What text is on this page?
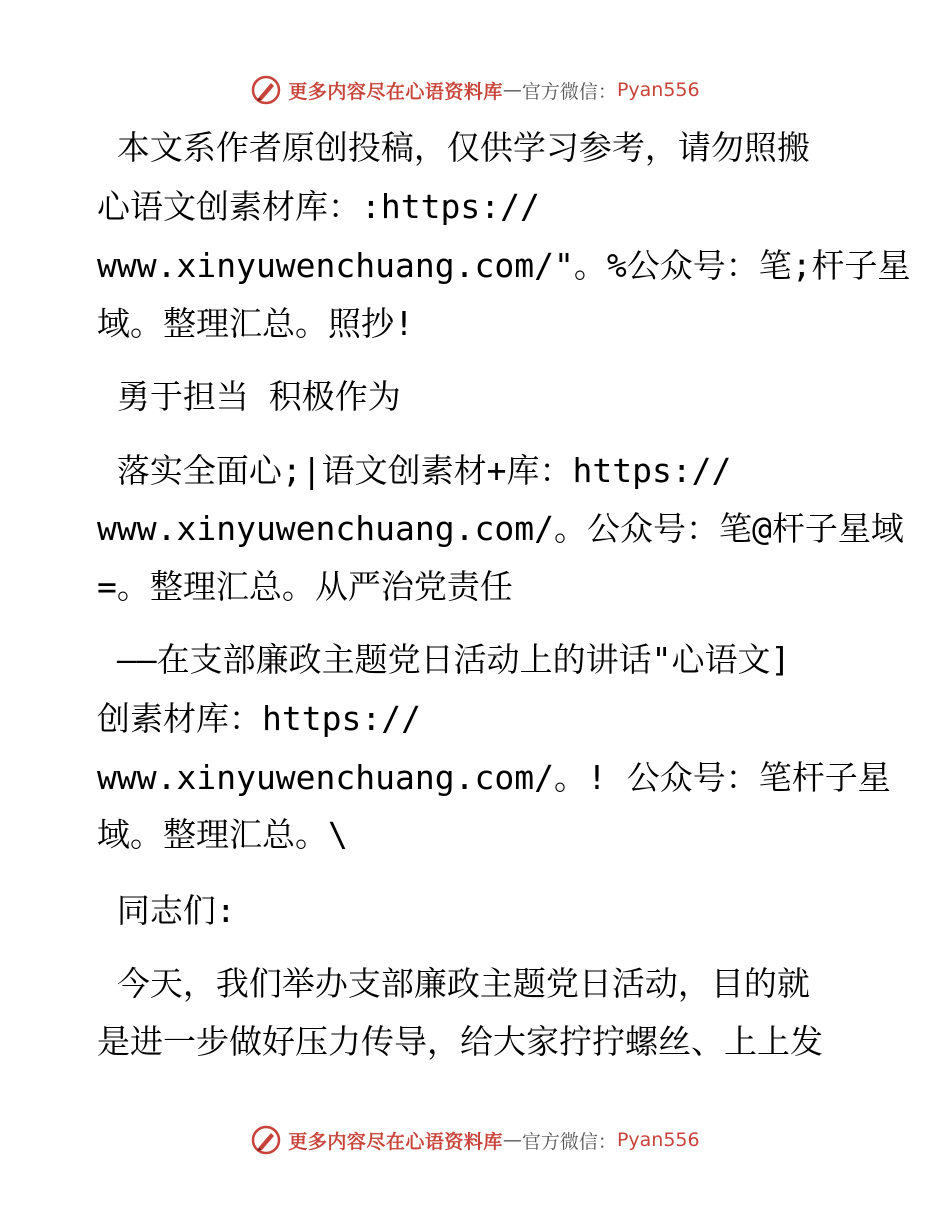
更多内容尽在心语资料库 — 官方微信： Pyan556
本文系作者原创投稿，仅供学习参考，请勿照搬
心语文创素材库：:https://
www.xinyuwenchuang.com/"。%公众号：笔;杆子星
域。整理汇总。照抄!
勇于担当 积极作为
落实全面心;|语文创素材+库：https://
www.xinyuwenchuang.com/。公众号：笔@杆子星域
=。整理汇总。从严治党责任
——在支部廉政主题党日活动上的讲话"心语文]
创素材库：https://
www.xinyuwenchuang.com/。! 公众号：笔杆子星
域。整理汇总。\
同志们:
今天，我们举办支部廉政主题党日活动，目的就
是进一步做好压力传导，给大家拧拧螺丝、上上发
更多内容尽在心语资料库 — 官方微信： Pyan556
